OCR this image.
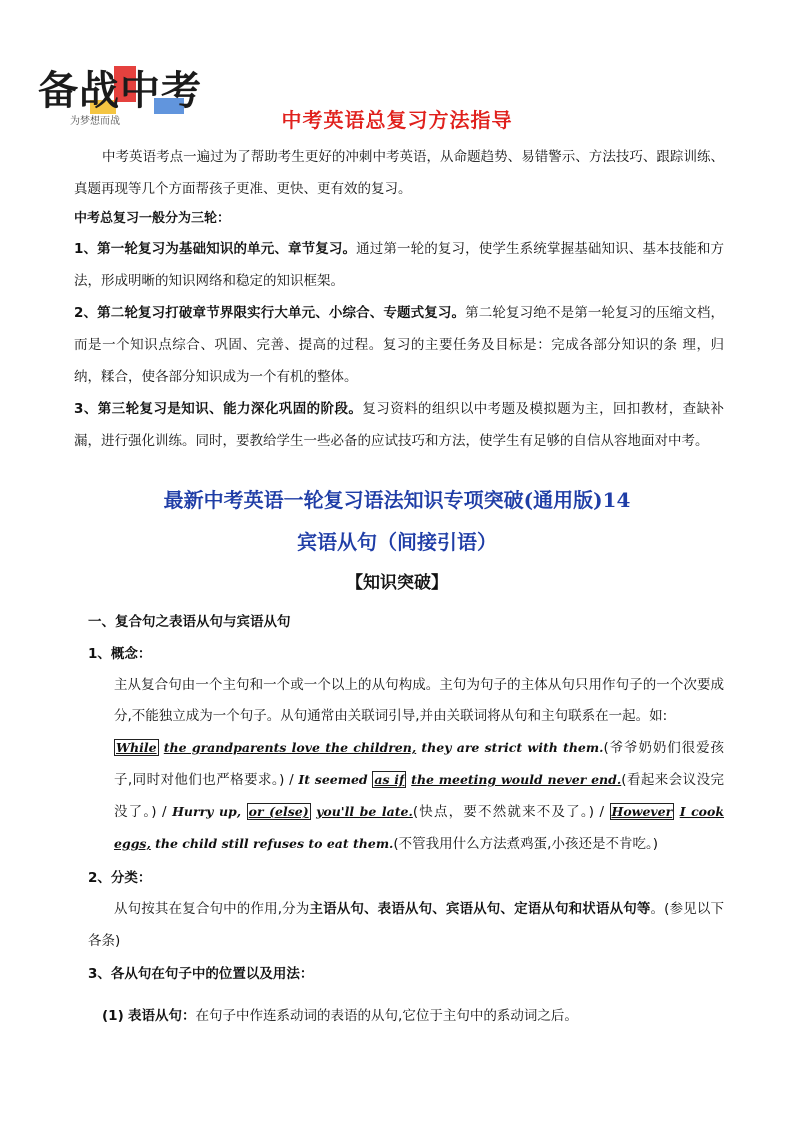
备战中考
为梦想而战	中考英语总复习方法指导
中考英语考点一遍过为了帮助考生更好的冲刺中考英语，从命题趋势、易错警示、方法技巧、跟踪训练、真题再现等几个方面帮孩子更准、更快、更有效的复习。
中考总复习一般分为三轮：
1、第一轮复习为基础知识的单元、章节复习。通过第一轮的复习，使学生系统掌握基础知识、基本技能和方法，形成明晰的知识网络和稳定的知识框架。
2、第二轮复习打破章节界限实行大单元、小综合、专题式复习。第二轮复习绝不是第一轮复习的压缩文档，而是一个知识点综合、巩固、完善、提高的过程。复习的主要任务及目标是：完成各部分知识的条 理，归纳，糅合，使各部分知识成为一个有机的整体。
3、第三轮复习是知识、能力深化巩固的阶段。复习资料的组织以中考题及模拟题为主，回扣教材，查缺补漏，进行强化训练。同时，要教给学生一些必备的应试技巧和方法，使学生有足够的自信从容地面对中考。
最新中考英语一轮复习语法知识专项突破(通用版)14
宾语从句（间接引语）
【知识突破】
一、复合句之表语从句与宾语从句
1、概念：
主从复合句由一个主句和一个或一个以上的从句构成。主句为句子的主体从句只用作句子的一个次要成分,不能独立成为一个句子。从句通常由关联词引导,并由关联词将从句和主句联系在一起。如:
While the grandparents love the children, they are strict with them.(爷爷奶奶们很爱孩子,同时对他们也严格要求。) / It seemed as if the meeting would never end.(看起来会议没完没了。) / Hurry up, or (else) you'll be late.(快点，要不然就来不及了。) / However I cook eggs, the child still refuses to eat them.(不管我用什么方法煮鸡蛋,小孩还是不肯吃。)
2、分类：
从句按其在复合句中的作用,分为主语从句、表语从句、宾语从句、定语从句和状语从句等。(参见以下各条)
3、各从句在句子中的位置以及用法：
(1) 表语从句：在句子中作连系动词的表语的从句,它位于主句中的系动词之后。
